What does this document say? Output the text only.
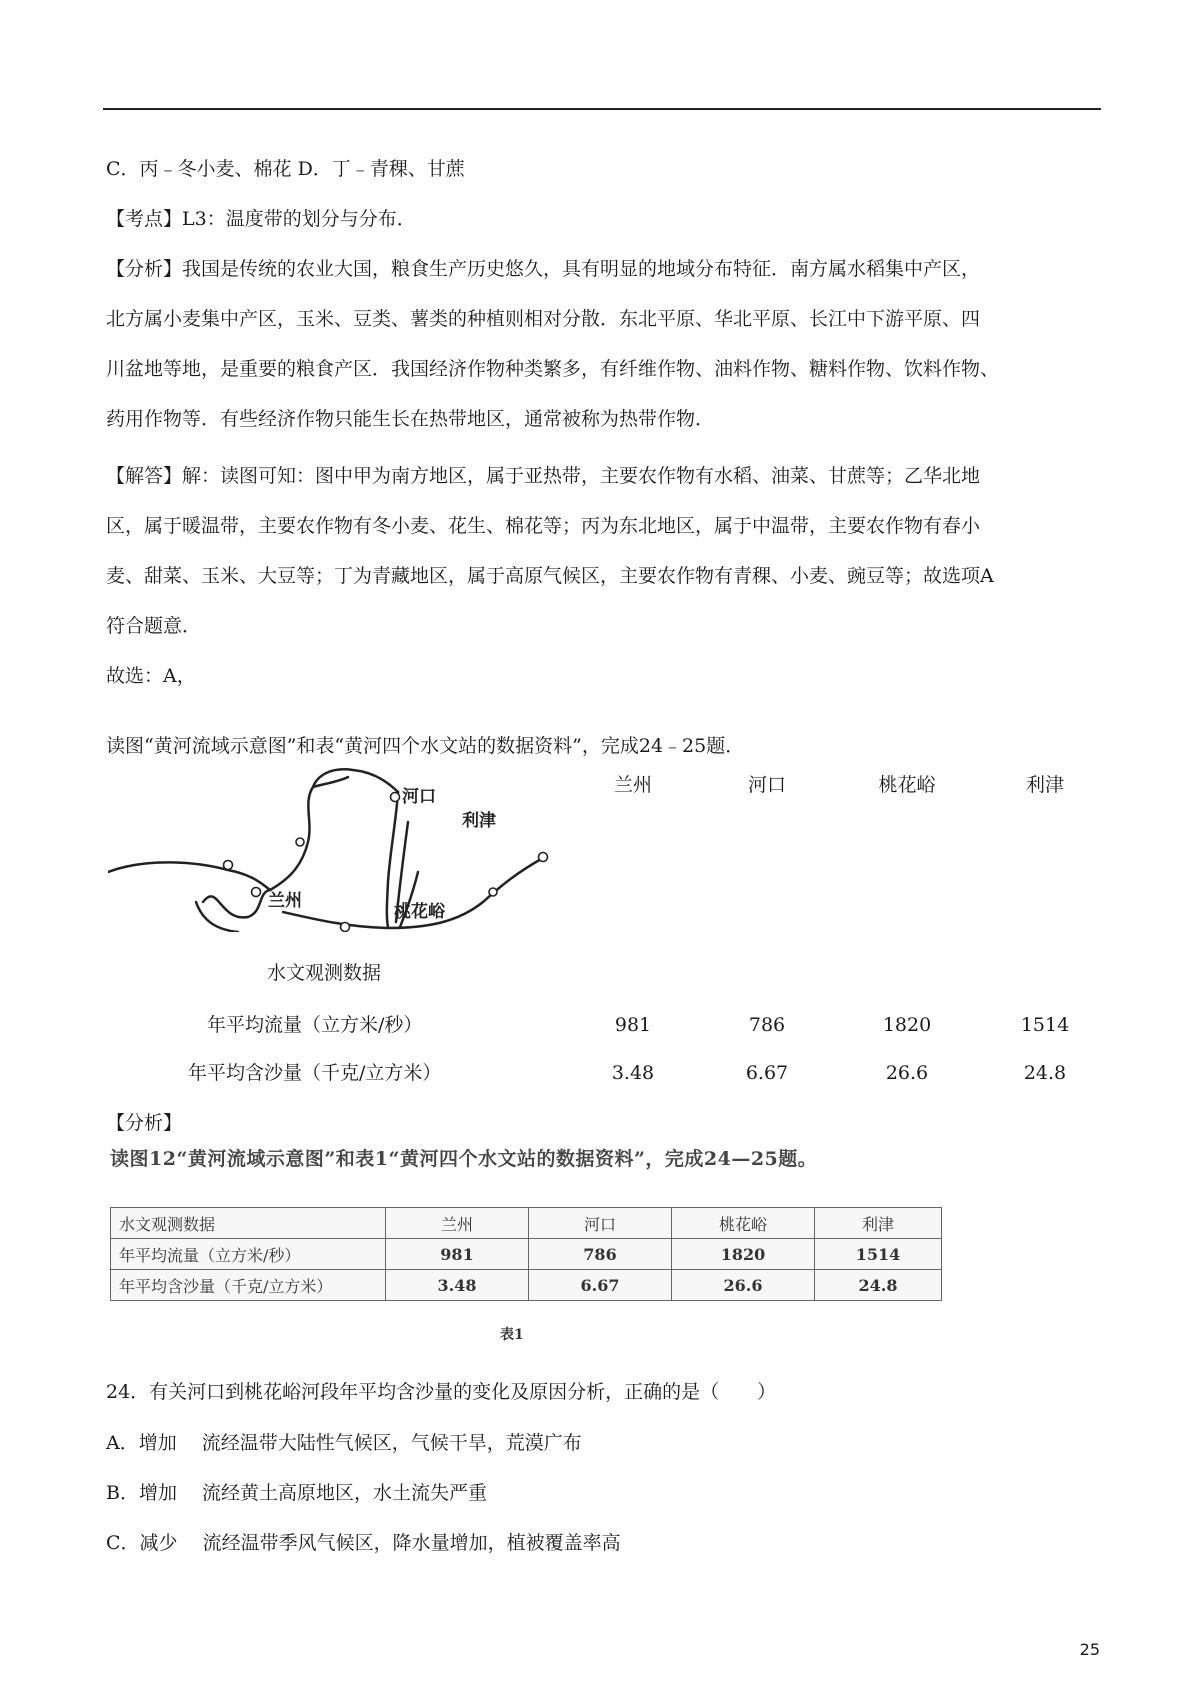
C．丙﹣冬小麦、棉花 D．丁﹣青稞、甘蔗
【考点】L3：温度带的划分与分布．
【分析】我国是传统的农业大国，粮食生产历史悠久，具有明显的地域分布特征．南方属水稻集中产区，
北方属小麦集中产区，玉米、豆类、薯类的种植则相对分散．东北平原、华北平原、长江中下游平原、四
川盆地等地，是重要的粮食产区．我国经济作物种类繁多，有纤维作物、油料作物、糖料作物、饮料作物、
药用作物等．有些经济作物只能生长在热带地区，通常被称为热带作物．
【解答】解：读图可知：图中甲为南方地区，属于亚热带，主要农作物有水稻、油菜、甘蔗等；乙华北地
区，属于暖温带，主要农作物有冬小麦、花生、棉花等；丙为东北地区，属于中温带，主要农作物有春小
麦、甜菜、玉米、大豆等；丁为青藏地区，属于高原气候区，主要农作物有青稞、小麦、豌豆等；故选项A
符合题意．
故选：A，
读图“黄河流域示意图”和表“黄河四个水文站的数据资料”，完成24﹣25题．
河口
利津
兰州
桃花峪
兰州	河口	桃花峪	利津
水文观测数据
年平均流量（立方米/秒）	981	786	1820	1514
年平均含沙量（千克/立方米）	3.48	6.67	26.6	24.8
【分析】
读图12“黄河流域示意图”和表1“黄河四个水文站的数据资料”，完成24—25题。
水文观测数据	兰州	河口	桃花峪	利津
年平均流量（立方米/秒）	981	786	1820	1514
年平均含沙量（千克/立方米）	3.48	6.67	26.6	24.8
表1
24．有关河口到桃花峪河段年平均含沙量的变化及原因分析，正确的是（　　）
A．增加　 流经温带大陆性气候区，气候干旱，荒漠广布
B．增加　 流经黄土高原地区，水土流失严重
C．减少　 流经温带季风气候区，降水量增加，植被覆盖率高
25
